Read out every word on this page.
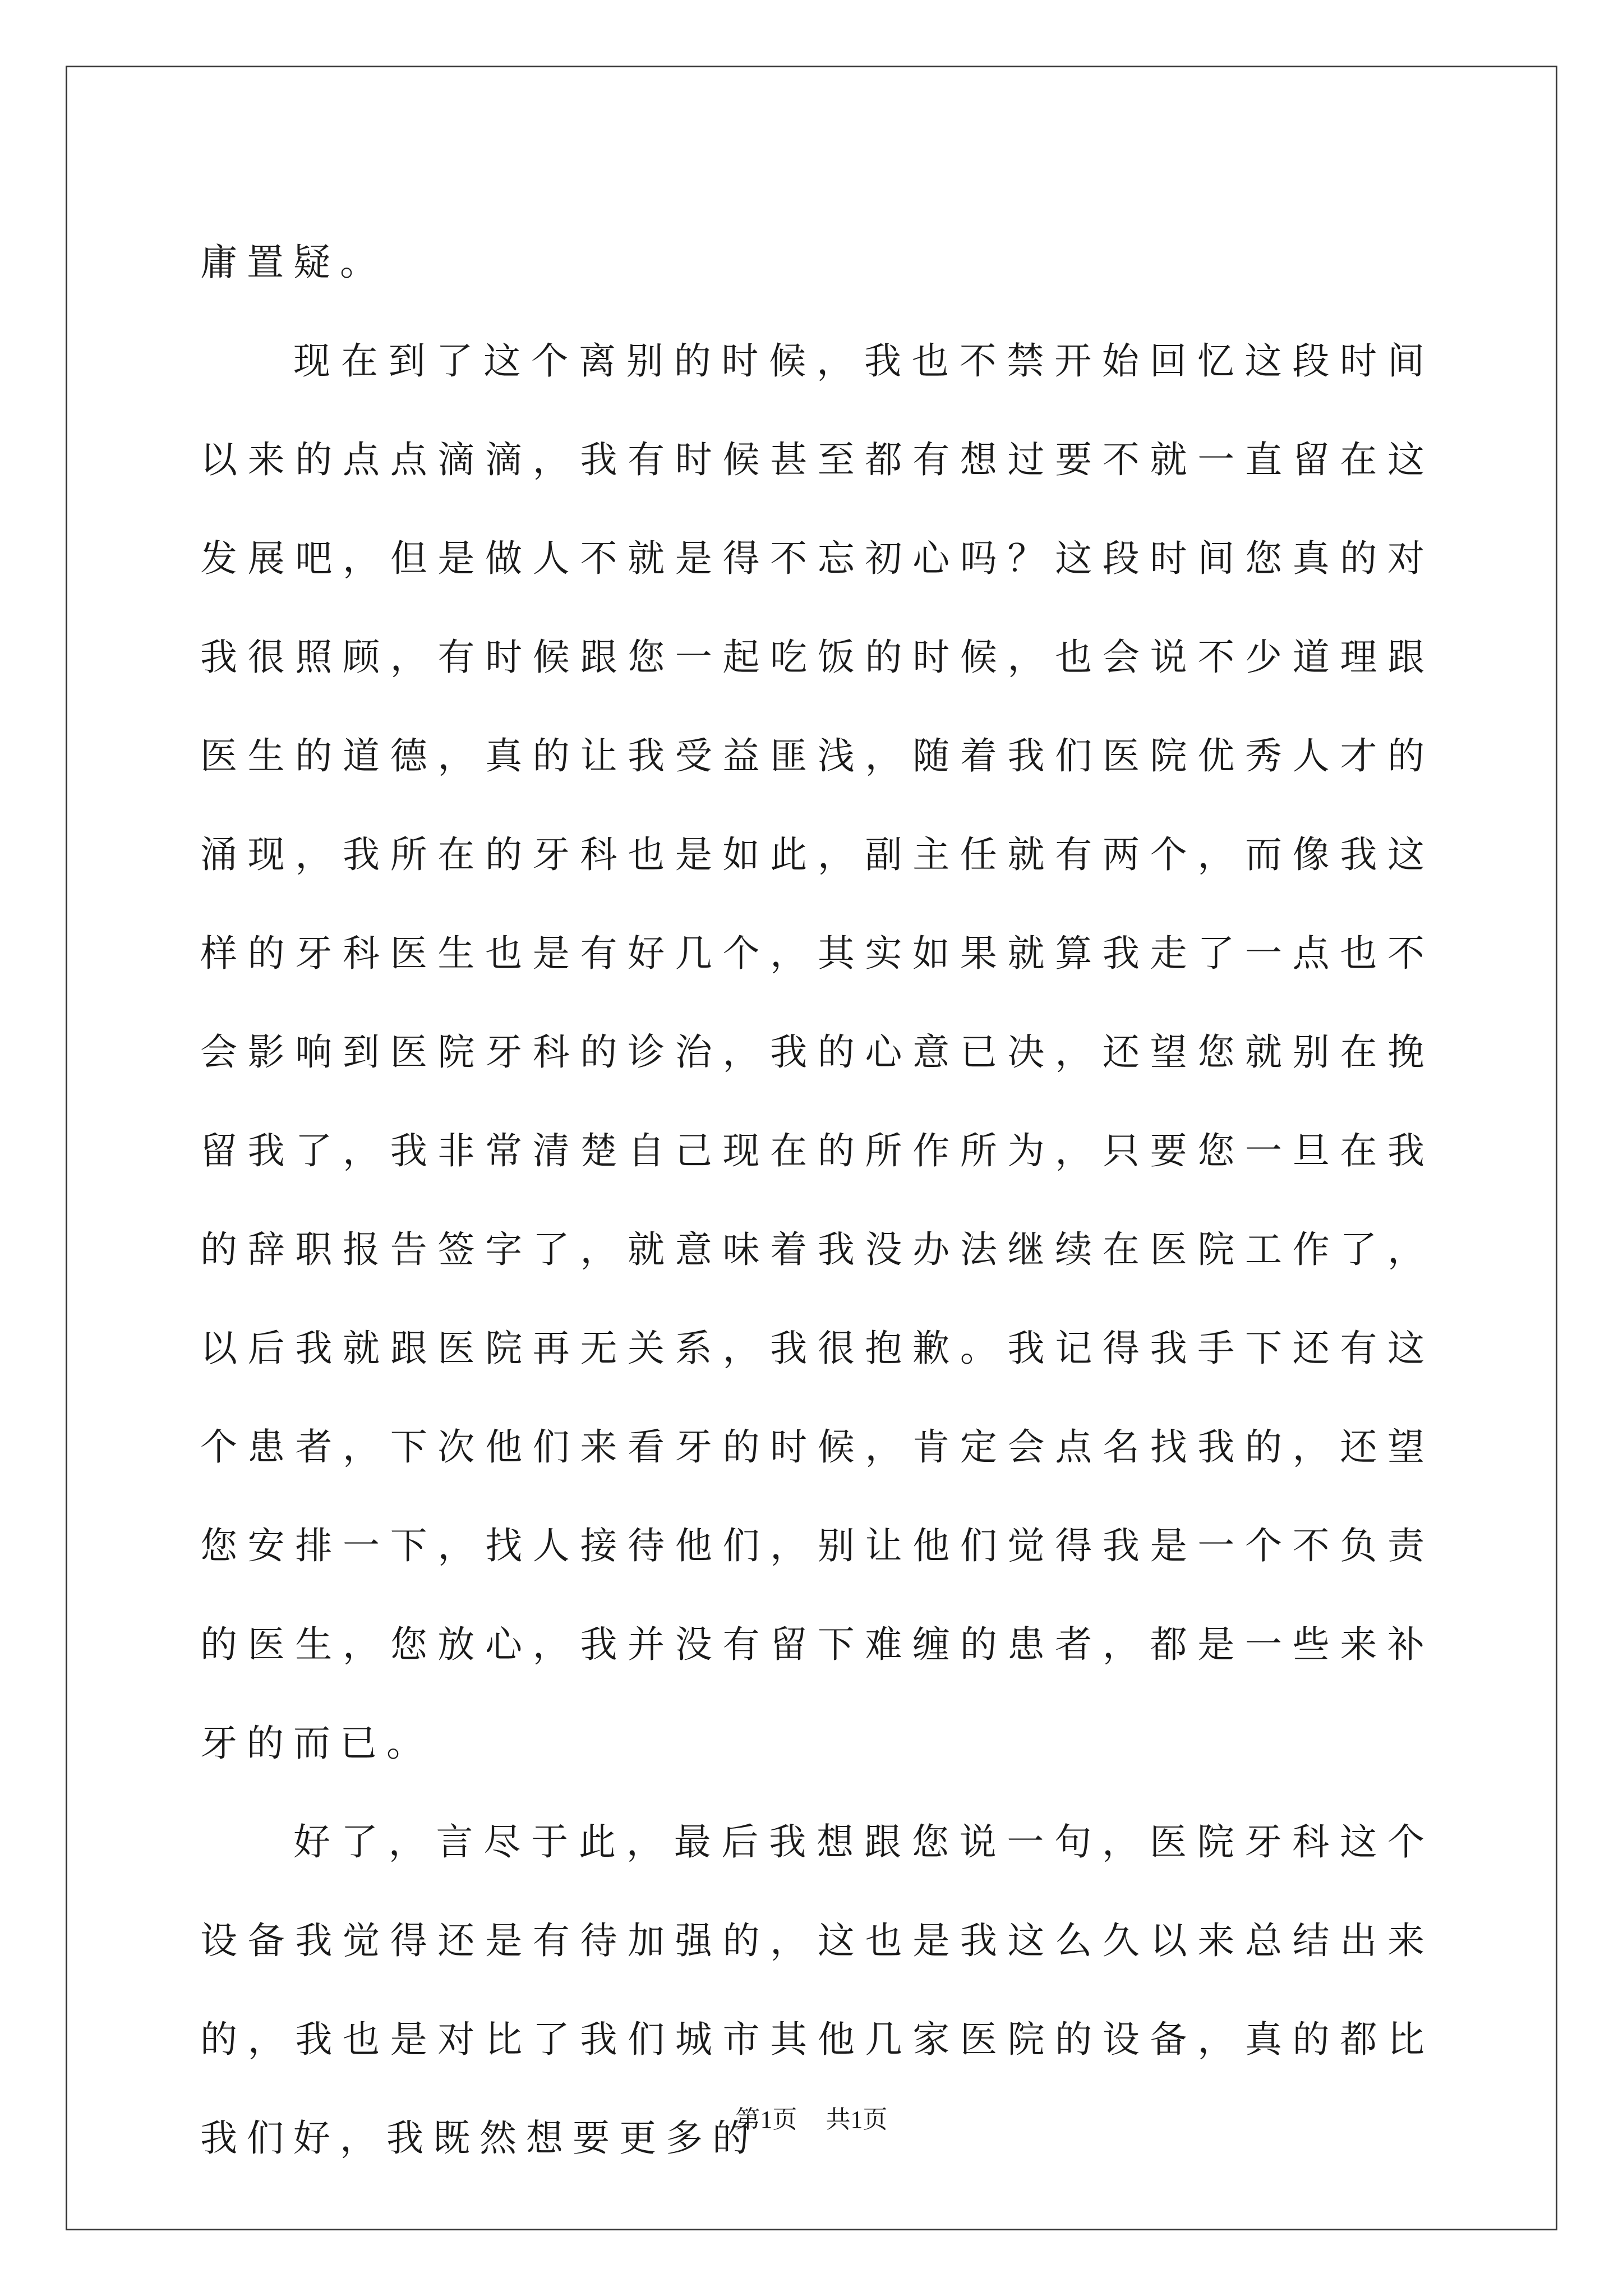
庸置疑。

现在到了这个离别的时候，我也不禁开始回忆这段时间以来的点点滴滴，我有时候甚至都有想过要不就一直留在这发展吧，但是做人不就是得不忘初心吗？这段时间您真的对我很照顾，有时候跟您一起吃饭的时候，也会说不少道理跟医生的道德，真的让我受益匪浅，随着我们医院优秀人才的涌现，我所在的牙科也是如此，副主任就有两个，而像我这样的牙科医生也是有好几个，其实如果就算我走了一点也不会影响到医院牙科的诊治，我的心意已决，还望您就别在挽留我了，我非常清楚自己现在的所作所为，只要您一旦在我的辞职报告签字了，就意味着我没办法继续在医院工作了，以后我就跟医院再无关系，我很抱歉。我记得我手下还有这个患者，下次他们来看牙的时候，肯定会点名找我的，还望您安排一下，找人接待他们，别让他们觉得我是一个不负责的医生，您放心，我并没有留下难缠的患者，都是一些来补牙的而已。

好了，言尽于此，最后我想跟您说一句，医院牙科这个设备我觉得还是有待加强的，这也是我这么久以来总结出来的，我也是对比了我们城市其他几家医院的设备，真的都比我们好，我既然想要更多的

第1页 共1页
